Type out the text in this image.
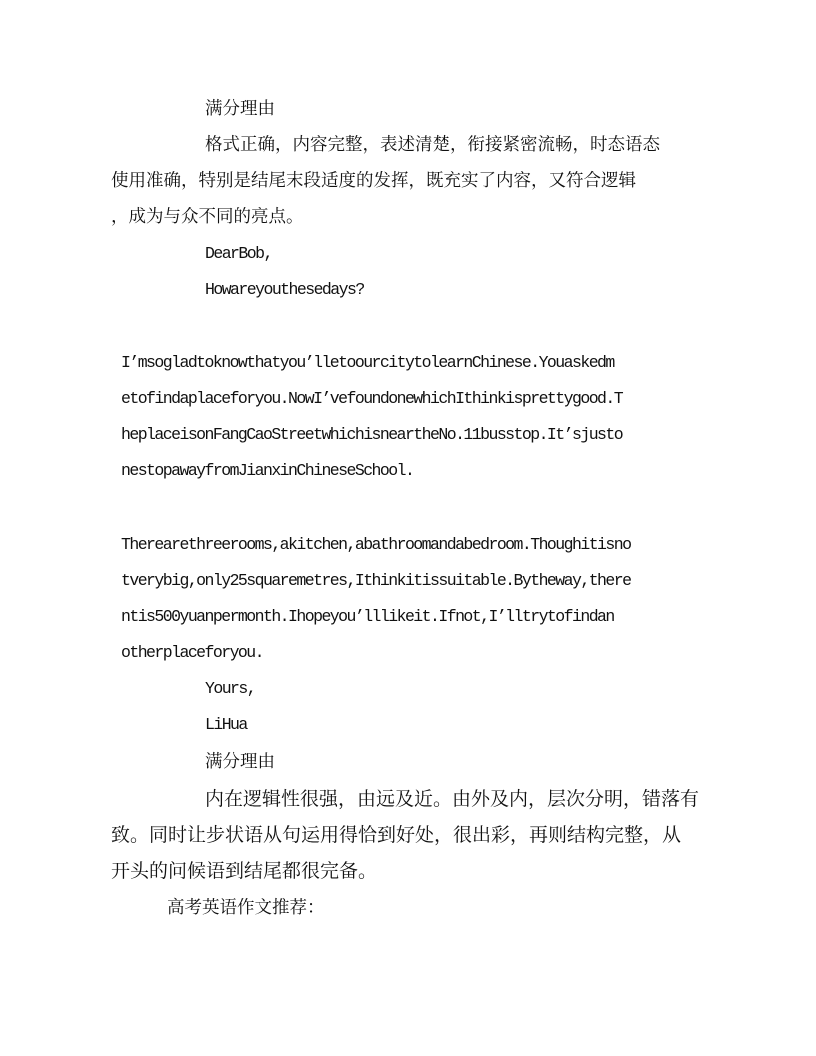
满分理由
格式正确，内容完整，表述清楚，衔接紧密流畅，时态语态
使用准确，特别是结尾末段适度的发挥，既充实了内容，又符合逻辑
，成为与众不同的亮点。
DearBob,
Howareyouthesedays?
I’msogladtoknowthatyou’lletoourcitytolearnChinese.Youaskedm
etofindaplaceforyou.NowI’vefoundonewhichIthinkisprettygood.T
heplaceisonFangCaoStreetwhichisneartheNo.11busstop.It’sjusto
nestopawayfromJianxinChineseSchool.
Therearethreerooms,akitchen,abathroomandabedroom.Thoughitisno
tverybig,only25squaremetres,Ithinkitissuitable.Bytheway,there
ntis500yuanpermonth.Ihopeyou’lllikeit.Ifnot,I’lltrytofindan
otherplaceforyou.
Yours,
LiHua
满分理由
内在逻辑性很强，由远及近。由外及内，层次分明，错落有
致。同时让步状语从句运用得恰到好处，很出彩，再则结构完整，从
开头的问候语到结尾都很完备。
高考英语作文推荐：
